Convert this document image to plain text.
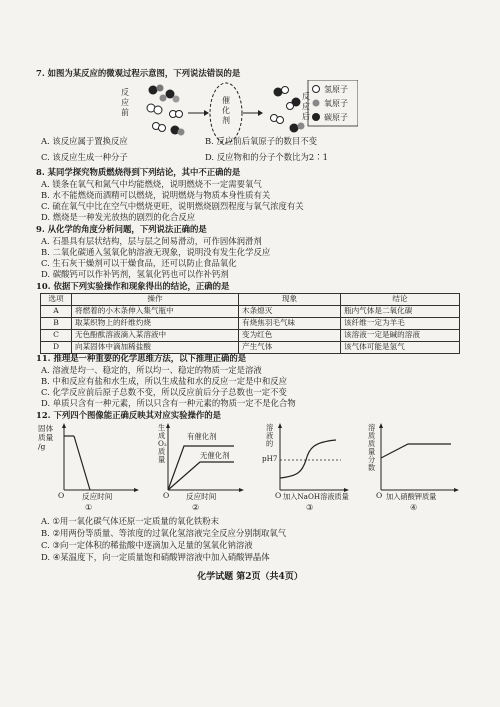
7. 如图为某反应的微观过程示意图，下列说法错误的是
反应前
催化剂
反应后
氢原子
氧原子
碳原子
A. 该反应属于置换反应	B. 反应前后氧原子的数目不变
C. 该反应生成一种分子	D. 反应物和的分子个数比为2∶1
8. 某同学探究物质燃烧得到下列结论，其中不正确的是
A. 镁条在氧气和氮气中均能燃烧，说明燃烧不一定需要氧气
B. 水不能燃烧而酒精可以燃烧，说明燃烧与物质本身性质有关
C. 硫在氧气中比在空气中燃烧更旺，说明燃烧剧烈程度与氧气浓度有关
D. 燃烧是一种发光放热的剧烈的化合反应
9. 从化学的角度分析问题，下列说法正确的是
A. 石墨具有层状结构，层与层之间易滑动，可作固体润滑剂
B. 二氧化碳通入氢氧化钠溶液无现象，说明没有发生化学反应
C. 生石灰干燥剂可以干燥食品，还可以防止食品氧化
D. 碳酸钙可以作补钙剂，氢氧化钙也可以作补钙剂
10. 依据下列实验操作和现象得出的结论，正确的是
选项	操作	现象	结论
A	将燃着的小木条伸入集气瓶中	木条熄灭	瓶内气体是二氧化碳
B	取某织物上的纤维灼烧	有烧焦羽毛气味	该纤维一定为羊毛
C	无色酚酞溶液滴入某溶液中	变为红色	该溶液一定是碱的溶液
D	向某固体中滴加稀盐酸	产生气体	该气体可能是氢气
11. 推理是一种重要的化学思维方法，以下推理正确的是
A. 溶液是均一、稳定的，所以均一、稳定的物质一定是溶液
B. 中和反应有盐和水生成，所以生成盐和水的反应一定是中和反应
C. 化学反应前后原子总数不变，所以反应前后分子总数也一定不变
D. 单质只含有一种元素，所以只含有一种元素的物质一定不是化合物
12. 下列四个图像能正确反映其对应实验操作的是
固体
质量
/g
O 反应时间
①
生
成
O₂
质
量
有催化剂
无催化剂
O 反应时间
②
溶
液
的
pH7
O 加入NaOH溶液质量
③
溶
质
质
量
分
数
O 加入硝酸钾质量
④
A. ①用一氧化碳气体还原一定质量的氧化铁粉末
B. ②用两份等质量、等浓度的过氧化氢溶液完全反应分别制取氧气
C. ③向一定体积的稀盐酸中逐滴加入足量的氢氧化钠溶液
D. ④某温度下，向一定质量饱和硝酸钾溶液中加入硝酸钾晶体
化学试题 第2页（共4页）
